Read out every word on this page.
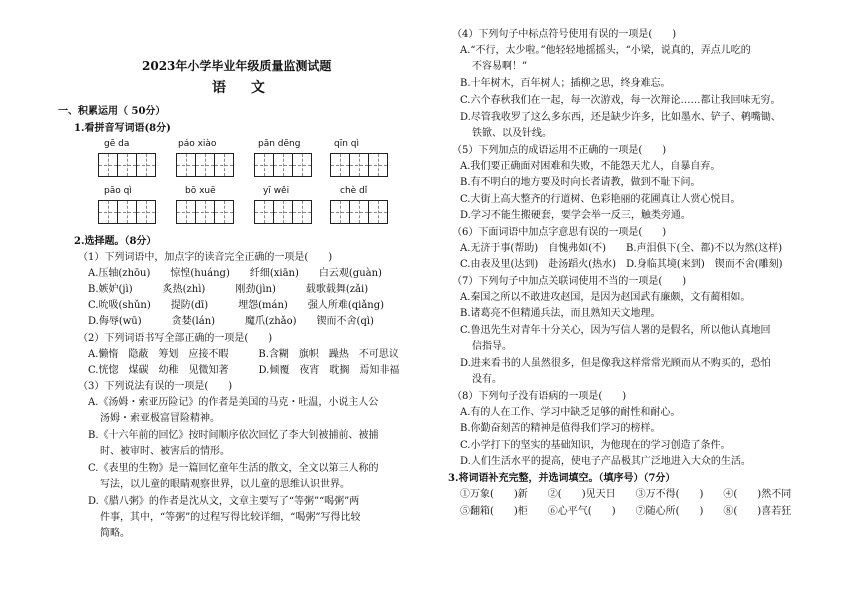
2023年小学毕业年级质量监测试题
语 文
一、积累运用（ 50分）
1.看拼音写词语(8分)
gē da	páo xiào	pān dēng	qīn qì
pāo qì	bō xuē	yī wěi	chè dǐ
2.选择题。（8分）
（1）下列词语中，加点字的读音完全正确的一项是(　　)
A.压轴(zhōu)　　惊惶(huáng)　　纤细(xiān)　　白云观(guàn)
B.嫉妒(jì)　　　炙热(zhì)　　　刚劲(jìn)　　　载歌载舞(zǎi)
C.吮吸(shǔn)　　提防(dī)　　　埋怨(mán)　　强人所难(qiǎng)
D.侮辱(wū)　　　贪婪(lán)　　　魔爪(zhǎo)　　锲而不舍(qì)
（2）下列词语书写全部正确的一项是(　　)
A.懒惰　隐蔽　筹划　应接不暇　　　B.含糊　旗帜　躁热　不可思议
C.恍惚　煤碳　幼稚　见微知著　　　D.倾覆　夜宵　耽搁　焉知非福
（3）下列说法有误的一项是(　　)
A.《汤姆・索亚历险记》的作者是美国的马克・吐温，小说主人公
汤姆・索亚极富冒险精神。
B.《十六年前的回忆》按时间顺序依次回忆了李大钊被捕前、被捕
时、被审时、被害后的情形。
C.《表里的生物》是一篇回忆童年生活的散文，全文以第三人称的
写法，以儿童的眼睛观察世界，以儿童的思维认识世界。
D.《腊八粥》的作者是沈从文，文章主要写了“等粥”“喝粥”两
件事，其中，“等粥”的过程写得比较详细，“喝粥”写得比较
简略。
（4）下列句子中标点符号使用有误的一项是(　　)
A.“不行，太少啦。”他轻轻地摇摇头，“小梁，说真的，弄点儿吃的
不容易啊！”
B.十年树木，百年树人；插柳之思，终身难忘。
C.六个春秋我们在一起，每一次游戏，每一次辩论……都让我回味无穷。
D.尽管我收罗了这么多东西，还是缺少许多，比如墨水、铲子、鹌嘴锄、
铁锨、以及针线。
（5）下列加点的成语运用不正确的一项是(　　)
A.我们要正确面对困难和失败，不能怨天尤人，自暴自弃。
B.有不明白的地方要及时向长者请教，做到不耻下问。
C.大街上高大整齐的行道树、色彩艳丽的花圃真让人赏心悦目。
D.学习不能生搬硬套，要学会举一反三，触类旁通。
（6）下面词语中加点字意思有误的一项是(　　)
A.无济于事(帮助)　自愧弗如(不)　　B.声泪俱下(全、都)不以为然(这样)
C.由表及里(达到)　赴汤蹈火(热水)　D.身临其境(来到)　锲而不舍(雕刻)
（7）下列句子中加点关联词使用不当的一项是(　　)
A.秦国之所以不敢进攻赵国，是因为赵国武有廉颇，文有蔺相如。
B.诸葛亮不但精通兵法，而且熟知天文地理。
C.鲁迅先生对青年十分关心，因为写信人署的是假名，所以他认真地回
信指导。
D.进来看书的人虽然很多，但是像我这样常常光顾而从不购买的，恐怕
没有。
（8）下列句子没有语病的一项是(　　)
A.有的人在工作、学习中缺乏足够的耐性和耐心。
B.你勤奋刻苦的精神是值得我们学习的榜样。
C.小学打下的坚实的基础知识，为他现在的学习创造了条件。
D.人们生活水平的提高，使电子产品极其广泛地进入大众的生活。
3.将词语补充完整，并选词填空。（填序号）（7分）
①万象(　　)新　　②(　　)见天日　　③万不得(　　)　　④(　　)然不同
⑤翻箱(　　)柜　　⑥心平气(　　)　　⑦随心所(　　)　　⑧(　　)喜若狂
